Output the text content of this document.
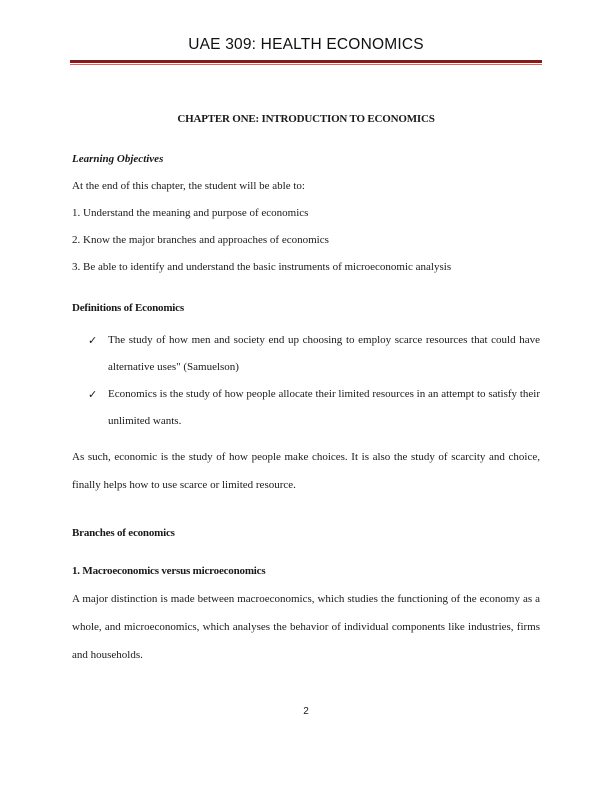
UAE 309: HEALTH ECONOMICS
CHAPTER ONE: INTRODUCTION TO ECONOMICS
Learning Objectives

At the end of this chapter, the student will be able to:

1. Understand the meaning and purpose of economics

2. Know the major branches and approaches of economics

3. Be able to identify and understand the basic instruments of microeconomic analysis

Definitions of Economics
✓ The study of how men and society end up choosing to employ scarce resources that could have alternative uses" (Samuelson)
✓ Economics is the study of how people allocate their limited resources in an attempt to satisfy their unlimited wants.

As such, economic is the study of how people make choices. It is also the study of scarcity and choice, finally helps how to use scarce or limited resource.

Branches of economics
1. Macroeconomics versus microeconomics

A major distinction is made between macroeconomics, which studies the functioning of the economy as a whole, and microeconomics, which analyses the behavior of individual components like industries, firms and households.

2
